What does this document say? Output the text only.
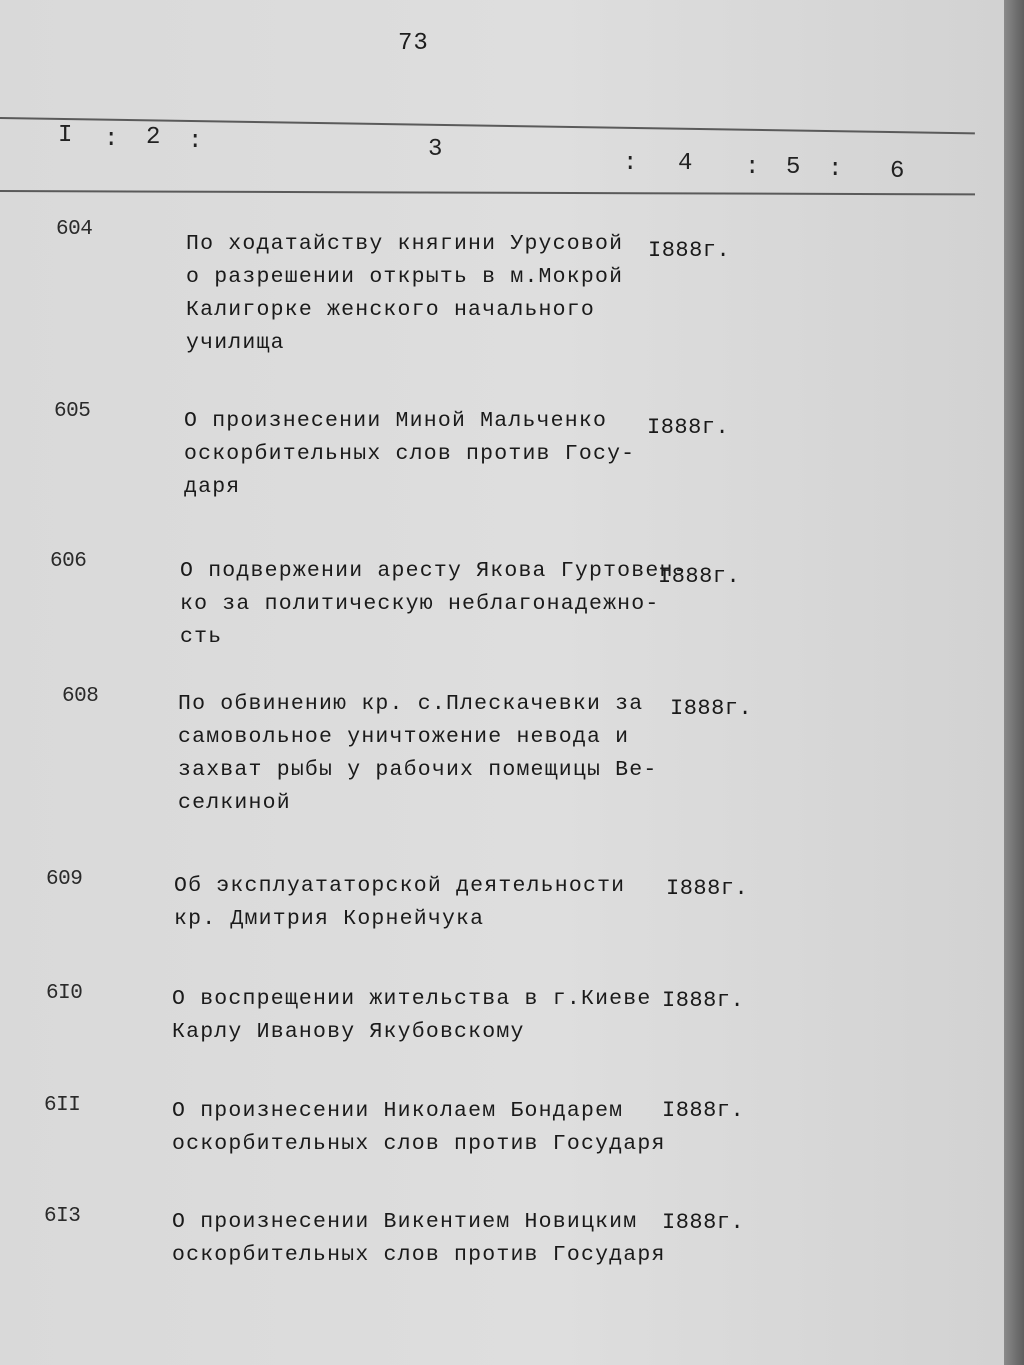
73
I : 2 :	3
: 4 : 5 : 6
604
По ходатайству княгини Урусовой
о разрешении открыть в м.Мокрой
Калигорке женского начального
училища
I888г.
605	О произнесении Миной Мальченко
оскорбительных слов против Госу-
даря
I888г.
606	О подвержении аресту Якова Гуртовен-
ко за политическую неблагонадежно-
сть
I888г.
608	По обвинению кр. с.Плескачевки за
самовольное уничтожение невода и
захват рыбы у рабочих помещицы Ве-
селкиной
I888г.
609	Об эксплуататорской деятельности
кр. Дмитрия Корнейчука
I888г.
6I0	О воспрещении жительства в г.Киеве
Карлу Иванову Якубовскому
I888г.
6II	О произнесении Николаем Бондарем
оскорбительных слов против Государя
I888г.
6I3	О произнесении Викентием Новицким
оскорбительных слов против Государя
I888г.
